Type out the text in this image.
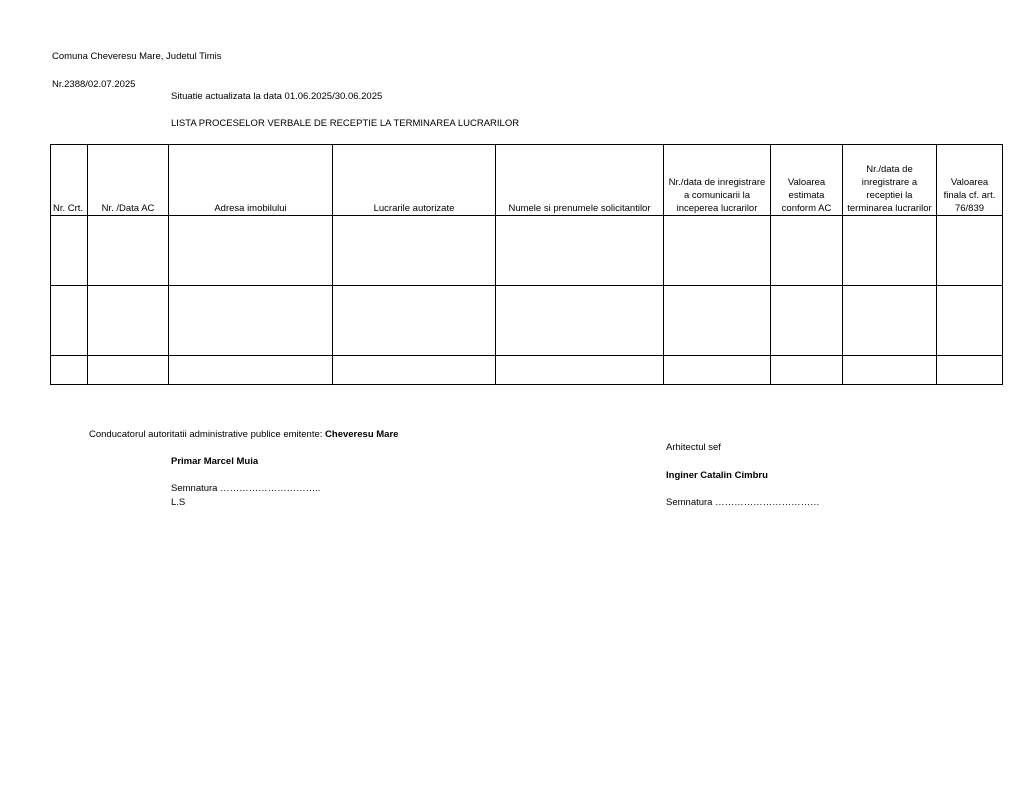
Comuna Cheveresu Mare, Judetul Timis
Nr.2388/02.07.2025
Situatie actualizata la data 01.06.2025/30.06.2025
LISTA PROCESELOR VERBALE DE RECEPTIE LA TERMINAREA LUCRARILOR
Nr. Crt.	Nr. /Data AC	Adresa imobilului	Lucrarile autorizate	Numele si prenumele solicitantilor	Nr./data de inregistrare a comunicarii la inceperea lucrarilor	Valoarea estimata conform AC	Nr./data de inregistrare a receptiei la terminarea lucrarilor	Valoarea finala cf. art. 76/839

Conducatorul autoritatii administrative publice emitente: Cheveresu Mare
Primar Marcel Muia
Semnatura …………………………..
L.S
Arhitectul sef
Inginer Catalin Cimbru
Semnatura ……………………………
